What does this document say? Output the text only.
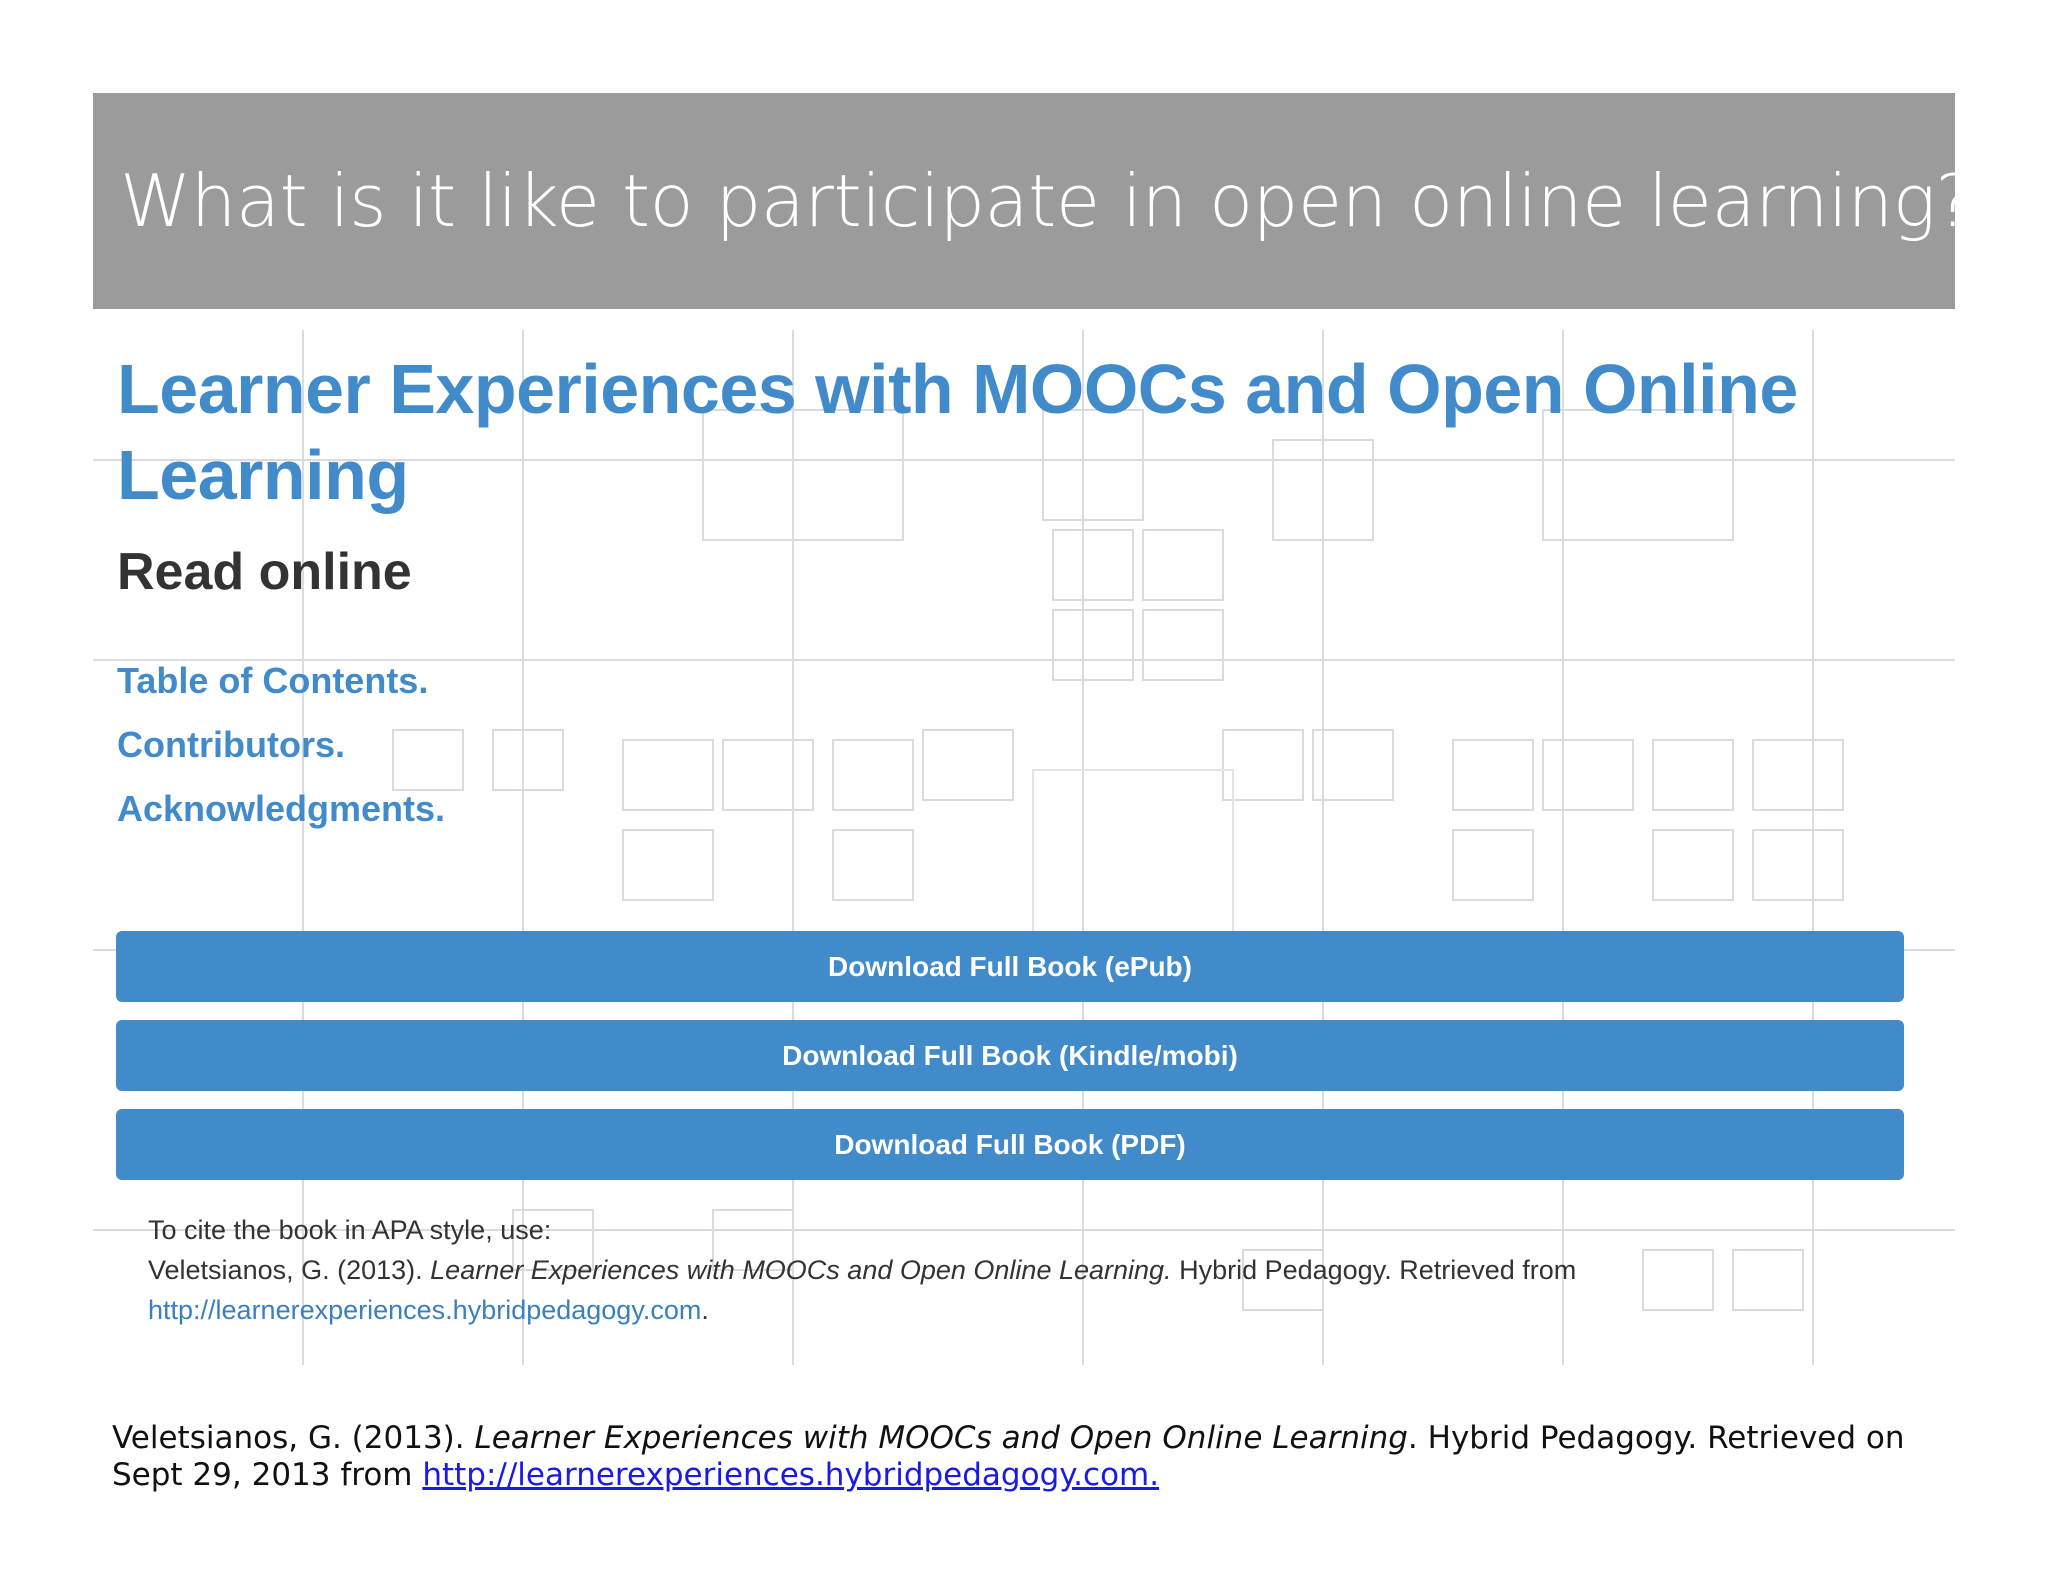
What is it like to participate in open online learning?
Learner Experiences with MOOCs and Open Online Learning
Read online
Table of Contents.
Contributors.
Acknowledgments.
Download Full Book (ePub)
Download Full Book (Kindle/mobi)
Download Full Book (PDF)
To cite the book in APA style, use:
Veletsianos, G. (2013). Learner Experiences with MOOCs and Open Online Learning. Hybrid Pedagogy. Retrieved from
http://learnerexperiences.hybridpedagogy.com.
Veletsianos, G. (2013). Learner Experiences with MOOCs and Open Online Learning. Hybrid Pedagogy. Retrieved on Sept 29, 2013 from http://learnerexperiences.hybridpedagogy.com.
